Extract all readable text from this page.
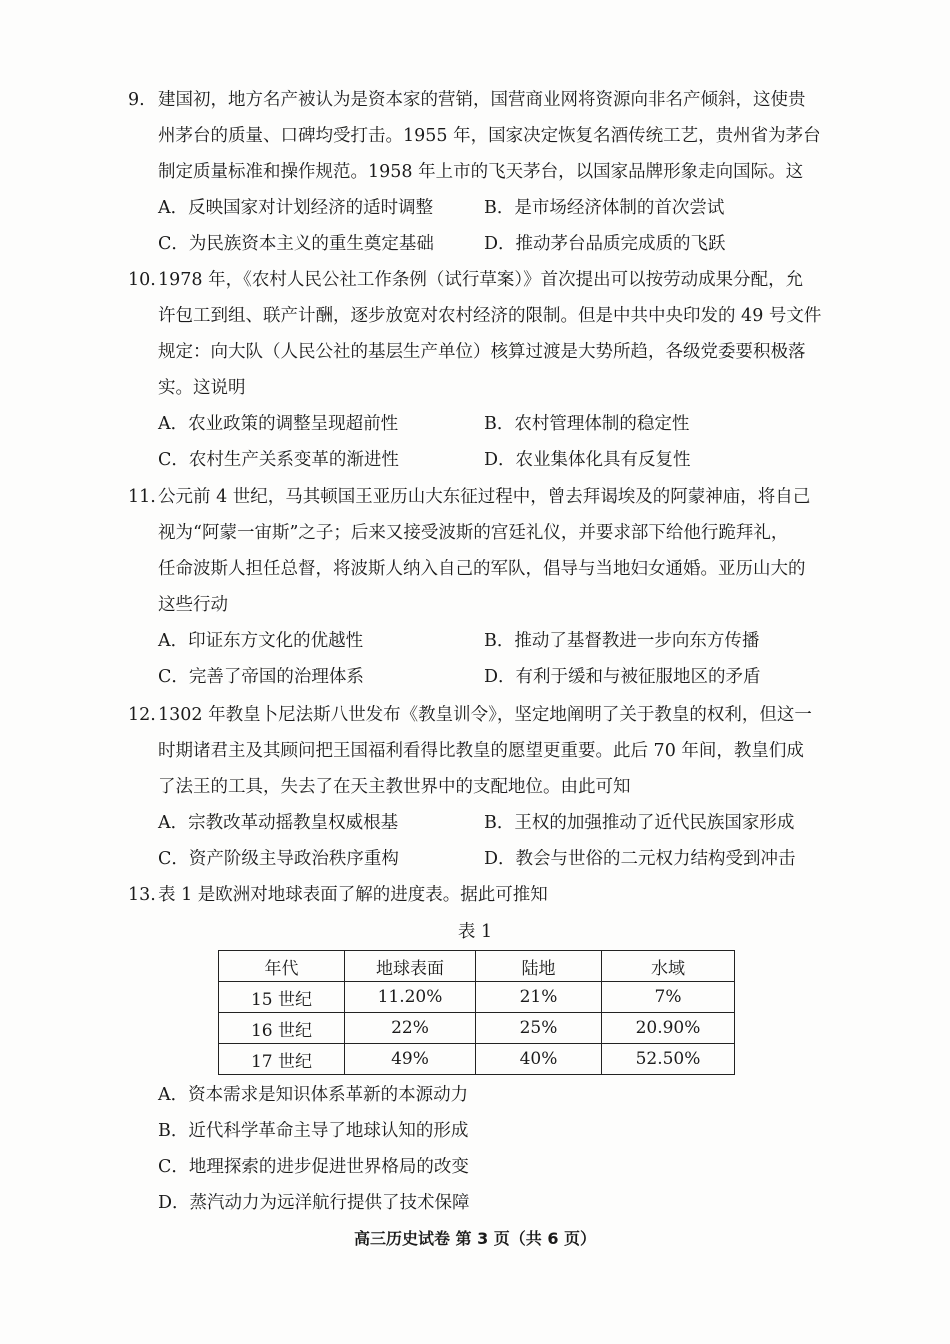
9. 建国初，地方名产被认为是资本家的营销，国营商业网将资源向非名产倾斜，这使贵
州茅台的质量、口碑均受打击。1955 年，国家决定恢复名酒传统工艺，贵州省为茅台
制定质量标准和操作规范。1958 年上市的飞天茅台，以国家品牌形象走向国际。这
A．反映国家对计划经济的适时调整	B．是市场经济体制的首次尝试
C．为民族资本主义的重生奠定基础	D．推动茅台品质完成质的飞跃
10. 1978 年，《农村人民公社工作条例（试行草案）》首次提出可以按劳动成果分配，允
许包工到组、联产计酬，逐步放宽对农村经济的限制。但是中共中央印发的 49 号文件
规定：向大队（人民公社的基层生产单位）核算过渡是大势所趋，各级党委要积极落
实。这说明
A．农业政策的调整呈现超前性	B．农村管理体制的稳定性
C．农村生产关系变革的渐进性	D．农业集体化具有反复性
11. 公元前 4 世纪，马其顿国王亚历山大东征过程中，曾去拜谒埃及的阿蒙神庙，将自己
视为“阿蒙一宙斯”之子；后来又接受波斯的宫廷礼仪，并要求部下给他行跪拜礼，
任命波斯人担任总督，将波斯人纳入自己的军队，倡导与当地妇女通婚。亚历山大的
这些行动
A．印证东方文化的优越性	B．推动了基督教进一步向东方传播
C．完善了帝国的治理体系	D．有利于缓和与被征服地区的矛盾
12. 1302 年教皇卜尼法斯八世发布《教皇训令》，坚定地阐明了关于教皇的权利，但这一
时期诸君主及其顾问把王国福利看得比教皇的愿望更重要。此后 70 年间，教皇们成
了法王的工具，失去了在天主教世界中的支配地位。由此可知
A．宗教改革动摇教皇权威根基	B．王权的加强推动了近代民族国家形成
C．资产阶级主导政治秩序重构	D．教会与世俗的二元权力结构受到冲击
13. 表 1 是欧洲对地球表面了解的进度表。据此可推知
表 1
年代	地球表面	陆地	水域
15 世纪	11.20%	21%	7%
16 世纪	22%	25%	20.90%
17 世纪	49%	40%	52.50%
A．资本需求是知识体系革新的本源动力
B．近代科学革命主导了地球认知的形成
C．地理探索的进步促进世界格局的改变
D．蒸汽动力为远洋航行提供了技术保障
高三历史试卷 第 3 页（共 6 页）
